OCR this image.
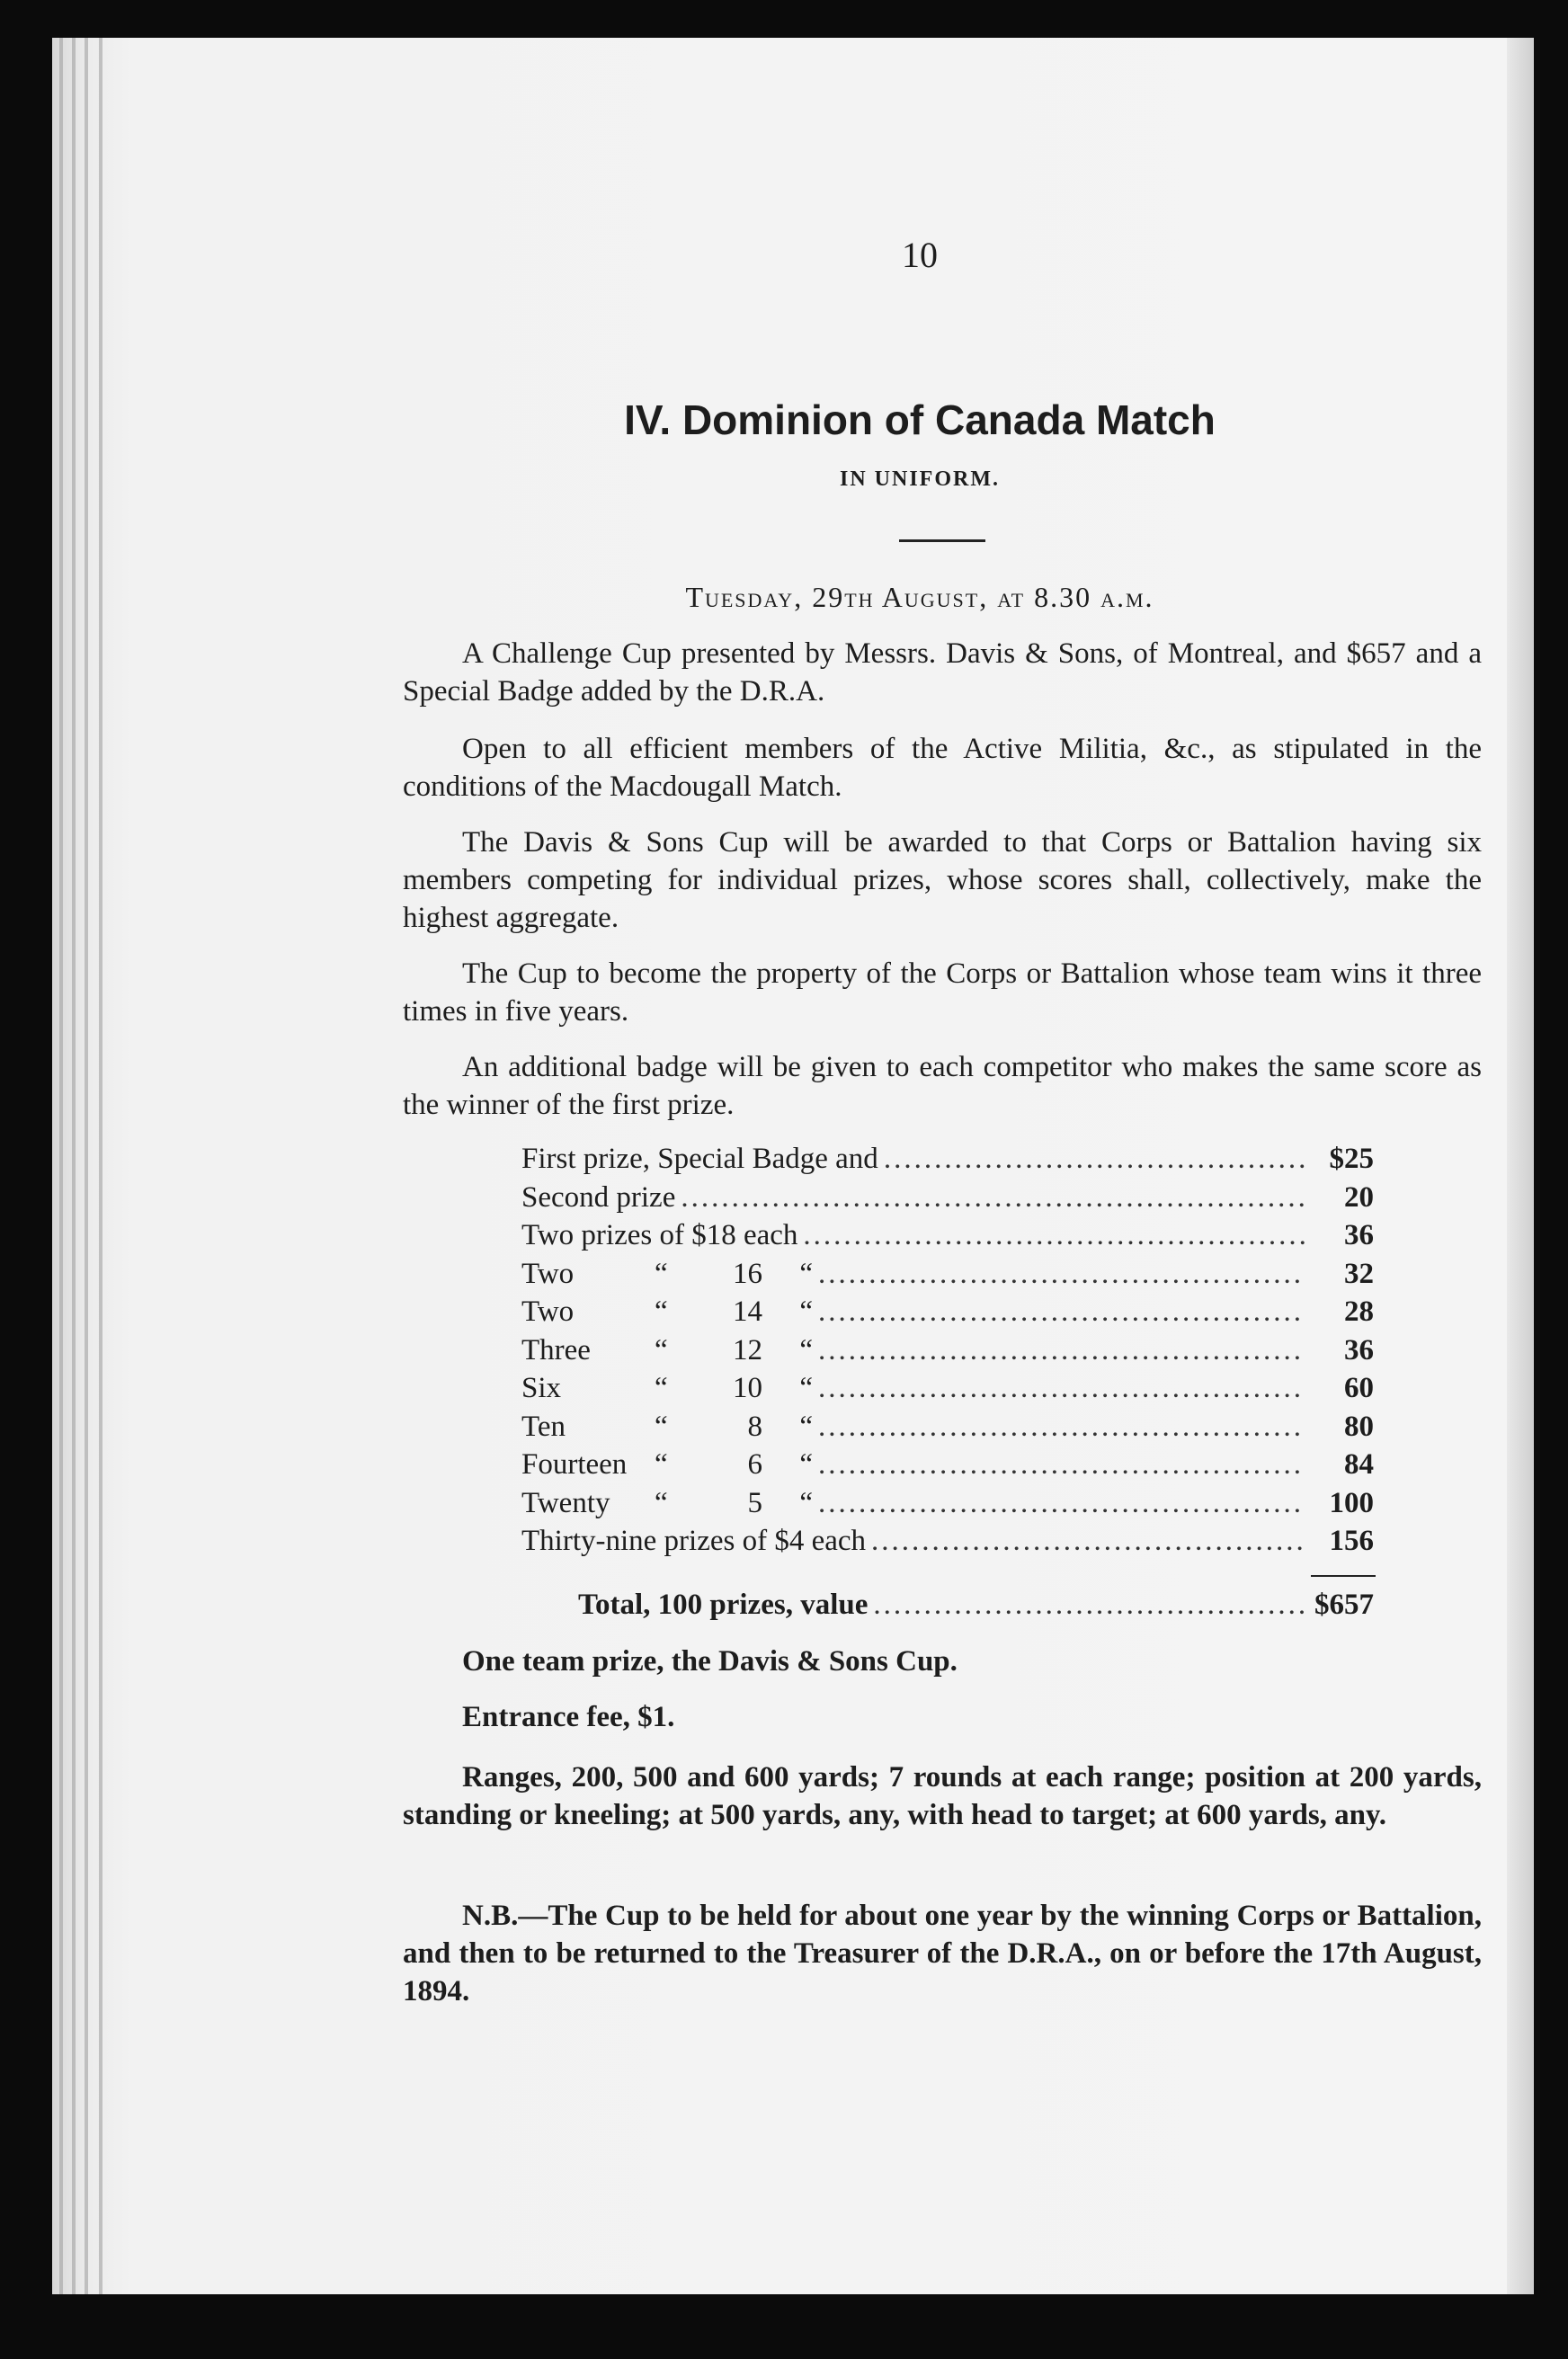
10
IV. Dominion of Canada Match
IN UNIFORM.
Tuesday, 29th August, at 8.30 a.m.

A Challenge Cup presented by Messrs. Davis & Sons, of Montreal, and $657 and a Special Badge added by the D.R.A.

Open to all efficient members of the Active Militia, &c., as stipulated in the conditions of the Macdougall Match.

The Davis & Sons Cup will be awarded to that Corps or Battalion having six members competing for individual prizes, whose scores shall, collectively, make the highest aggregate.

The Cup to become the property of the Corps or Battalion whose team wins it three times in five years.

An additional badge will be given to each competitor who makes the same score as the winner of the first prize.

First prize, Special Badge and .....	$25
Second prize .....	20
Two prizes of $18 each .....	36
Two	“ 16 “ .....	32
Two	“ 14 “ .....	28
Three “ 12 “ .....	36
Six	“ 10 “ .....	60
Ten	“	8 “ .....	80
Fourteen “	6 “ .....	84
Twenty “	5 “ .....	100
Thirty-nine prizes of $4 each .....	156
Total, 100 prizes, value .....	$657

One team prize, the Davis & Sons Cup.

Entrance fee, $1.

Ranges, 200, 500 and 600 yards; 7 rounds at each range; position at 200 yards, standing or kneeling; at 500 yards, any, with head to target; at 600 yards, any.

N.B.—The Cup to be held for about one year by the winning Corps or Battalion, and then to be returned to the Treasurer of the D.R.A., on or before the 17th August, 1894.
